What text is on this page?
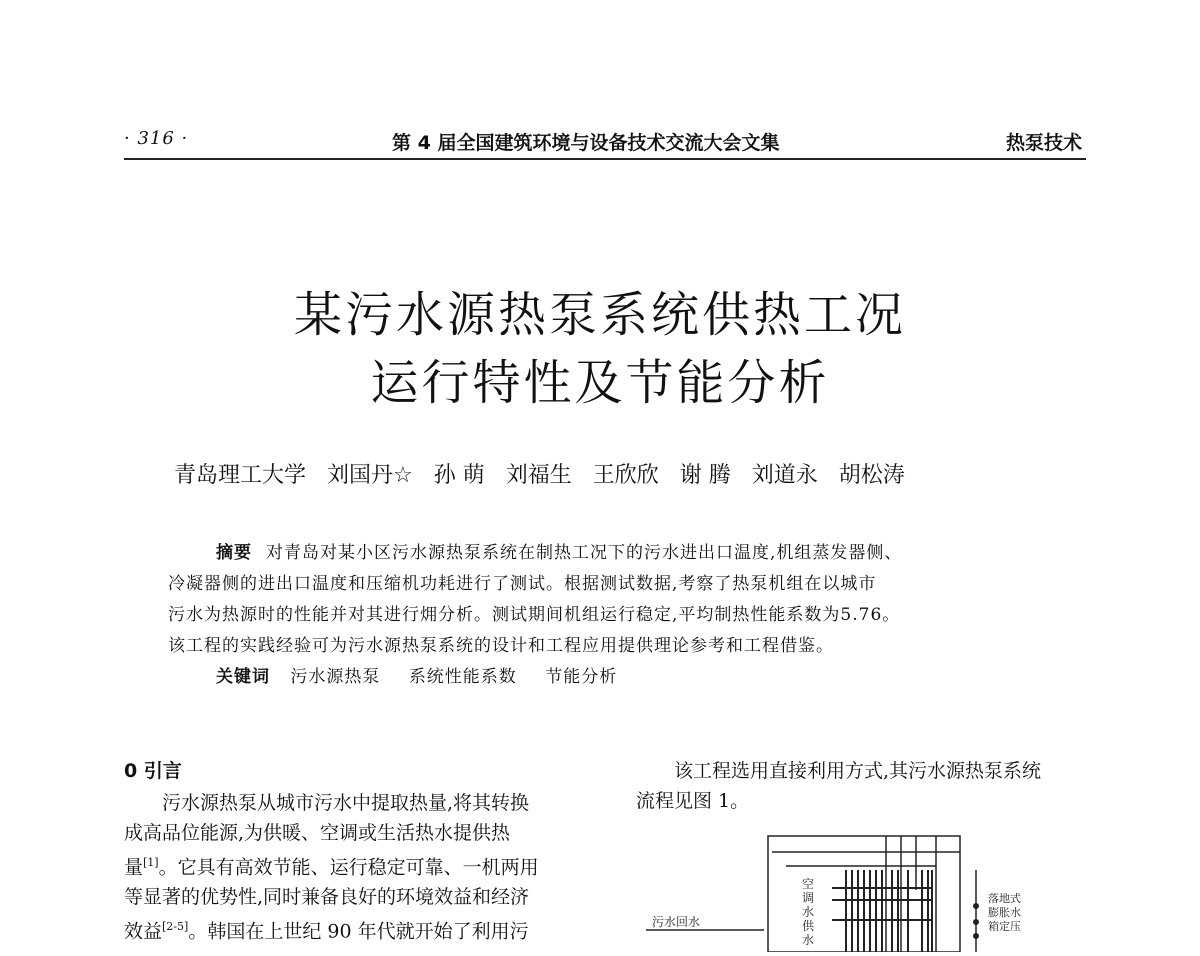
· 316 ·	第 4 届全国建筑环境与设备技术交流大会文集	热泵技术
某污水源热泵系统供热工况
运行特性及节能分析
青岛理工大学 刘国丹☆ 孙 萌 刘福生 王欣欣 谢 腾 刘道永 胡松涛
摘要 对青岛对某小区污水源热泵系统在制热工况下的污水进出口温度,机组蒸发器侧、
冷凝器侧的进出口温度和压缩机功耗进行了测试。根据测试数据,考察了热泵机组在以城市
污水为热源时的性能并对其进行㶲分析。测试期间机组运行稳定,平均制热性能系数为5.76。
该工程的实践经验可为污水源热泵系统的设计和工程应用提供理论参考和工程借鉴。
关键词 污水源热泵 系统性能系数 节能分析
0 引言
污水源热泵从城市污水中提取热量,将其转换
成高品位能源,为供暖、空调或生活热水提供热
量[1]。它具有高效节能、运行稳定可靠、一机两用
等显著的优势性,同时兼备良好的环境效益和经济
效益[2-5]。韩国在上世纪 90 年代就开始了利用污
该工程选用直接利用方式,其污水源热泵系统
流程见图 1。
空
调
水
供
水
污水回水
落地式
膨胀水
箱定压
